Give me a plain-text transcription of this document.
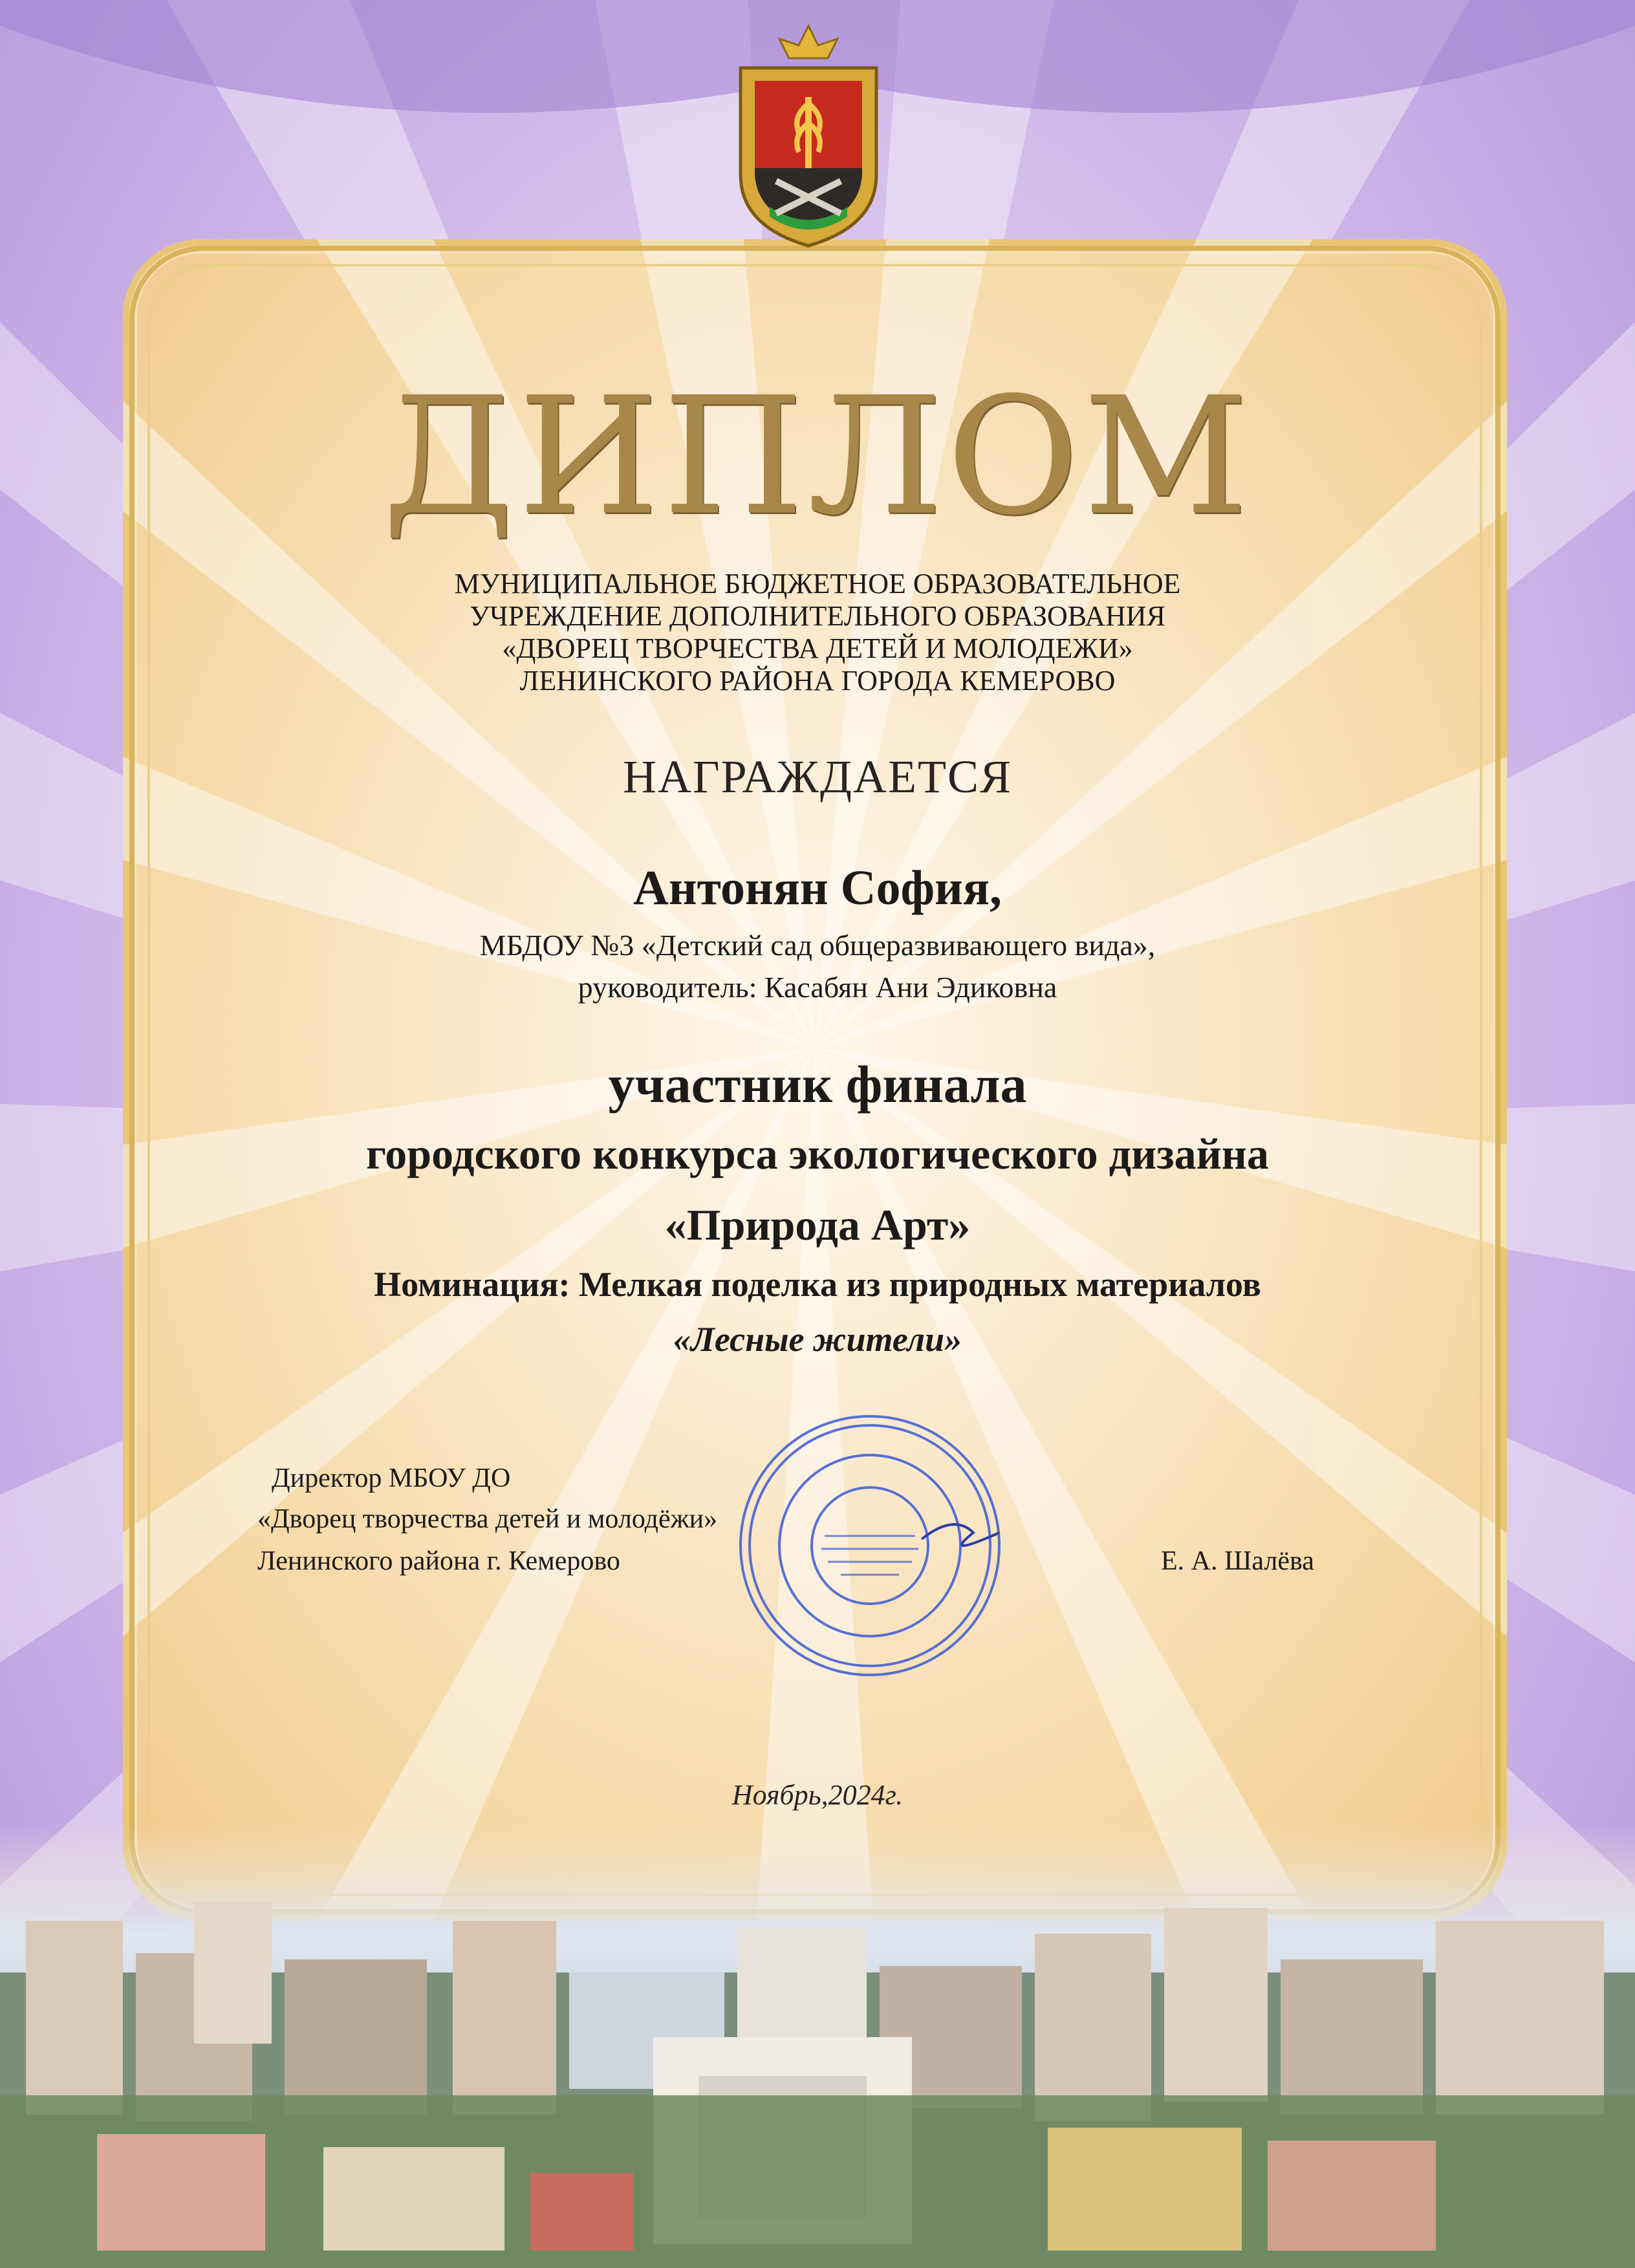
ДИПЛОМ
МУНИЦИПАЛЬНОЕ БЮДЖЕТНОЕ ОБРАЗОВАТЕЛЬНОЕ
УЧРЕЖДЕНИЕ ДОПОЛНИТЕЛЬНОГО ОБРАЗОВАНИЯ
«ДВОРЕЦ ТВОРЧЕСТВА ДЕТЕЙ И МОЛОДЕЖИ»
ЛЕНИНСКОГО РАЙОНА ГОРОДА КЕМЕРОВО
НАГРАЖДАЕТСЯ
Антонян София,
МБДОУ №3 «Детский сад общеразвивающего вида»,
руководитель: Касабян Ани Эдиковна
участник финала
городского конкурса экологического дизайна
«Природа Арт»
Номинация: Мелкая поделка из природных материалов
«Лесные жители»
Директор МБОУ ДО
«Дворец творчества детей и молодёжи»
Ленинского района г. Кемерово	Е. А. Шалёва
Ноябрь,2024г.
